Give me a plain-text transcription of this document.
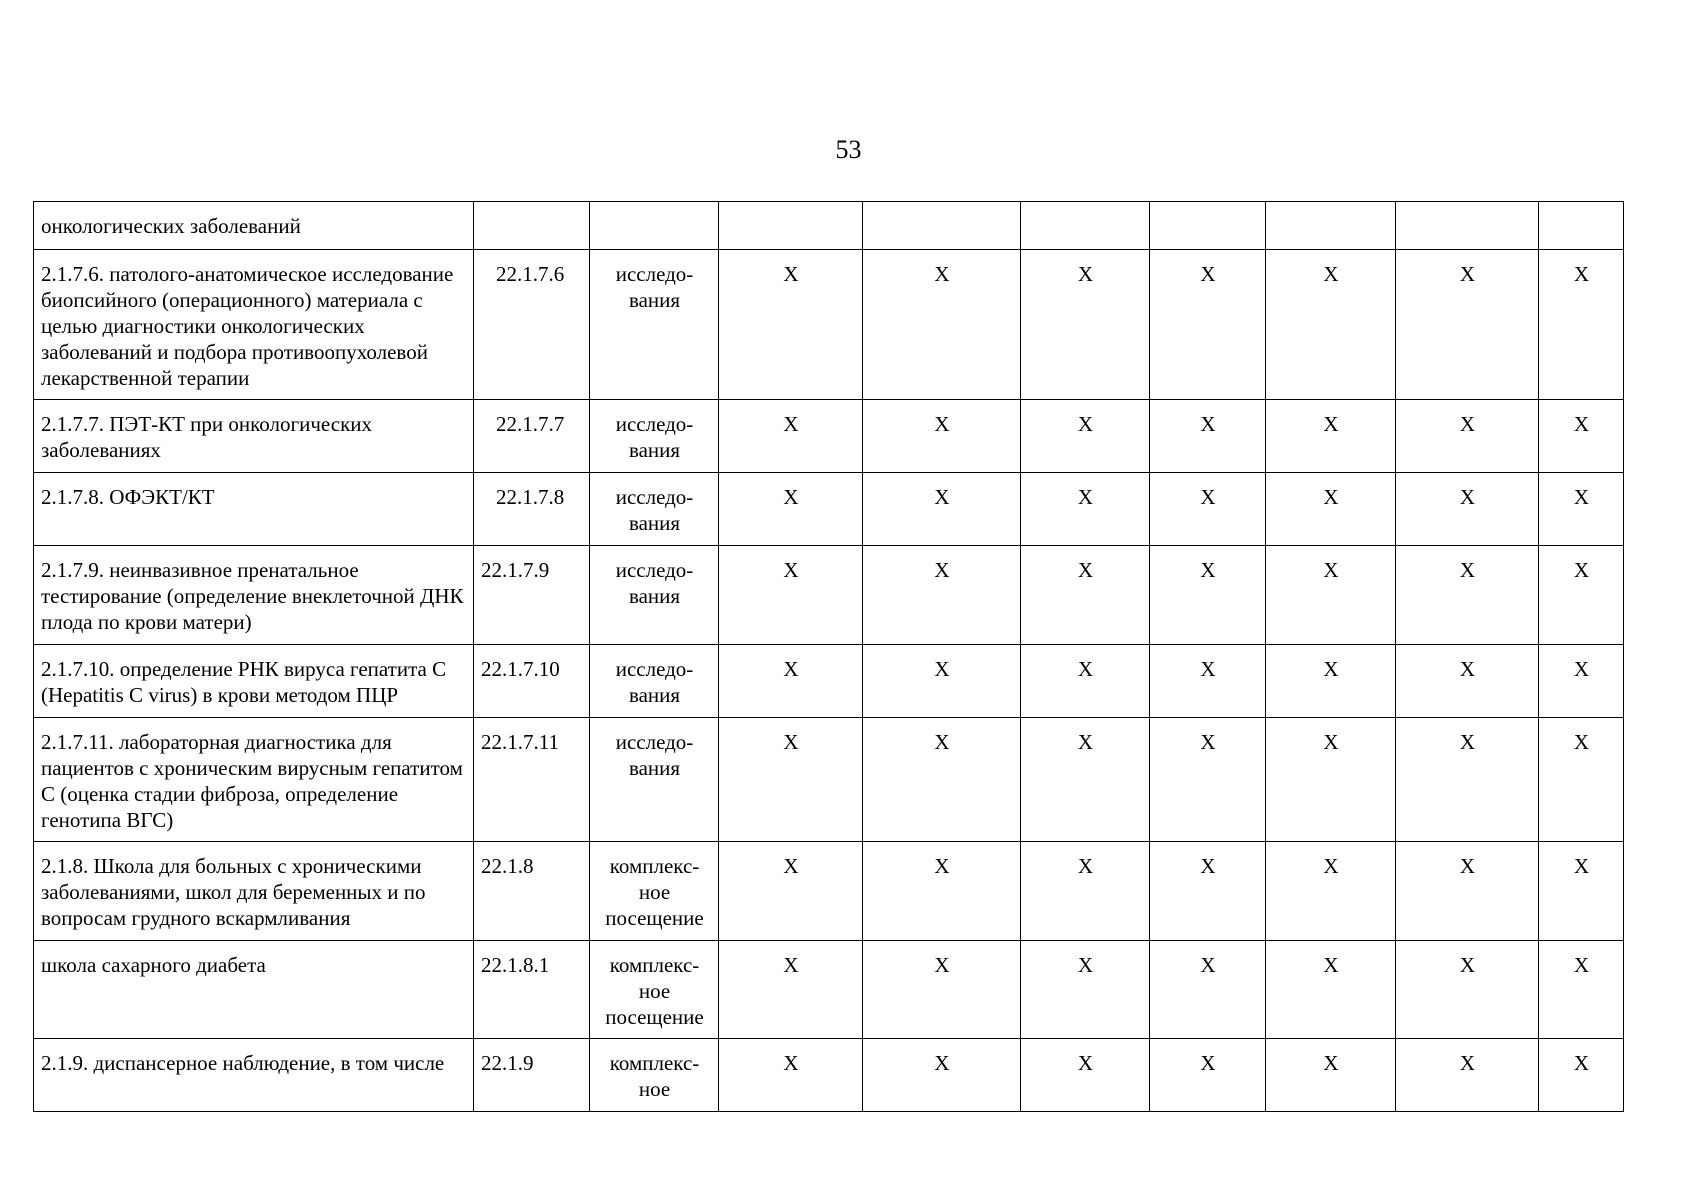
53
онкологических заболеваний									
2.1.7.6. патолого-анатомическое исследование биопсийного (операционного) материала с целью диагностики онкологических заболеваний и подбора противоопухолевой лекарственной терапии	22.1.7.6	исследо-вания	X	X	X	X	X	X	X
2.1.7.7. ПЭТ-КТ при онкологических заболеваниях	22.1.7.7	исследо-вания	X	X	X	X	X	X	X
2.1.7.8. ОФЭКТ/КТ	22.1.7.8	исследо-вания	X	X	X	X	X	X	X
2.1.7.9. неинвазивное пренатальное тестирование (определение внеклеточной ДНК плода по крови матери)	22.1.7.9	исследо-вания	X	X	X	X	X	X	X
2.1.7.10. определение РНК вируса гепатита С (Hepatitis C virus) в крови методом ПЦР	22.1.7.10	исследо-вания	X	X	X	X	X	X	X
2.1.7.11. лабораторная диагностика для пациентов с хроническим вирусным гепатитом С (оценка стадии фиброза, определение генотипа ВГС)	22.1.7.11	исследо-вания	X	X	X	X	X	X	X
2.1.8. Школа для больных с хроническими заболеваниями, школ для беременных и по вопросам грудного вскармливания	22.1.8	комплекс-ное посещение	X	X	X	X	X	X	X
школа сахарного диабета	22.1.8.1	комплекс-ное посещение	X	X	X	X	X	X	X
2.1.9. диспансерное наблюдение, в том числе	22.1.9	комплекс-ное	X	X	X	X	X	X	X
